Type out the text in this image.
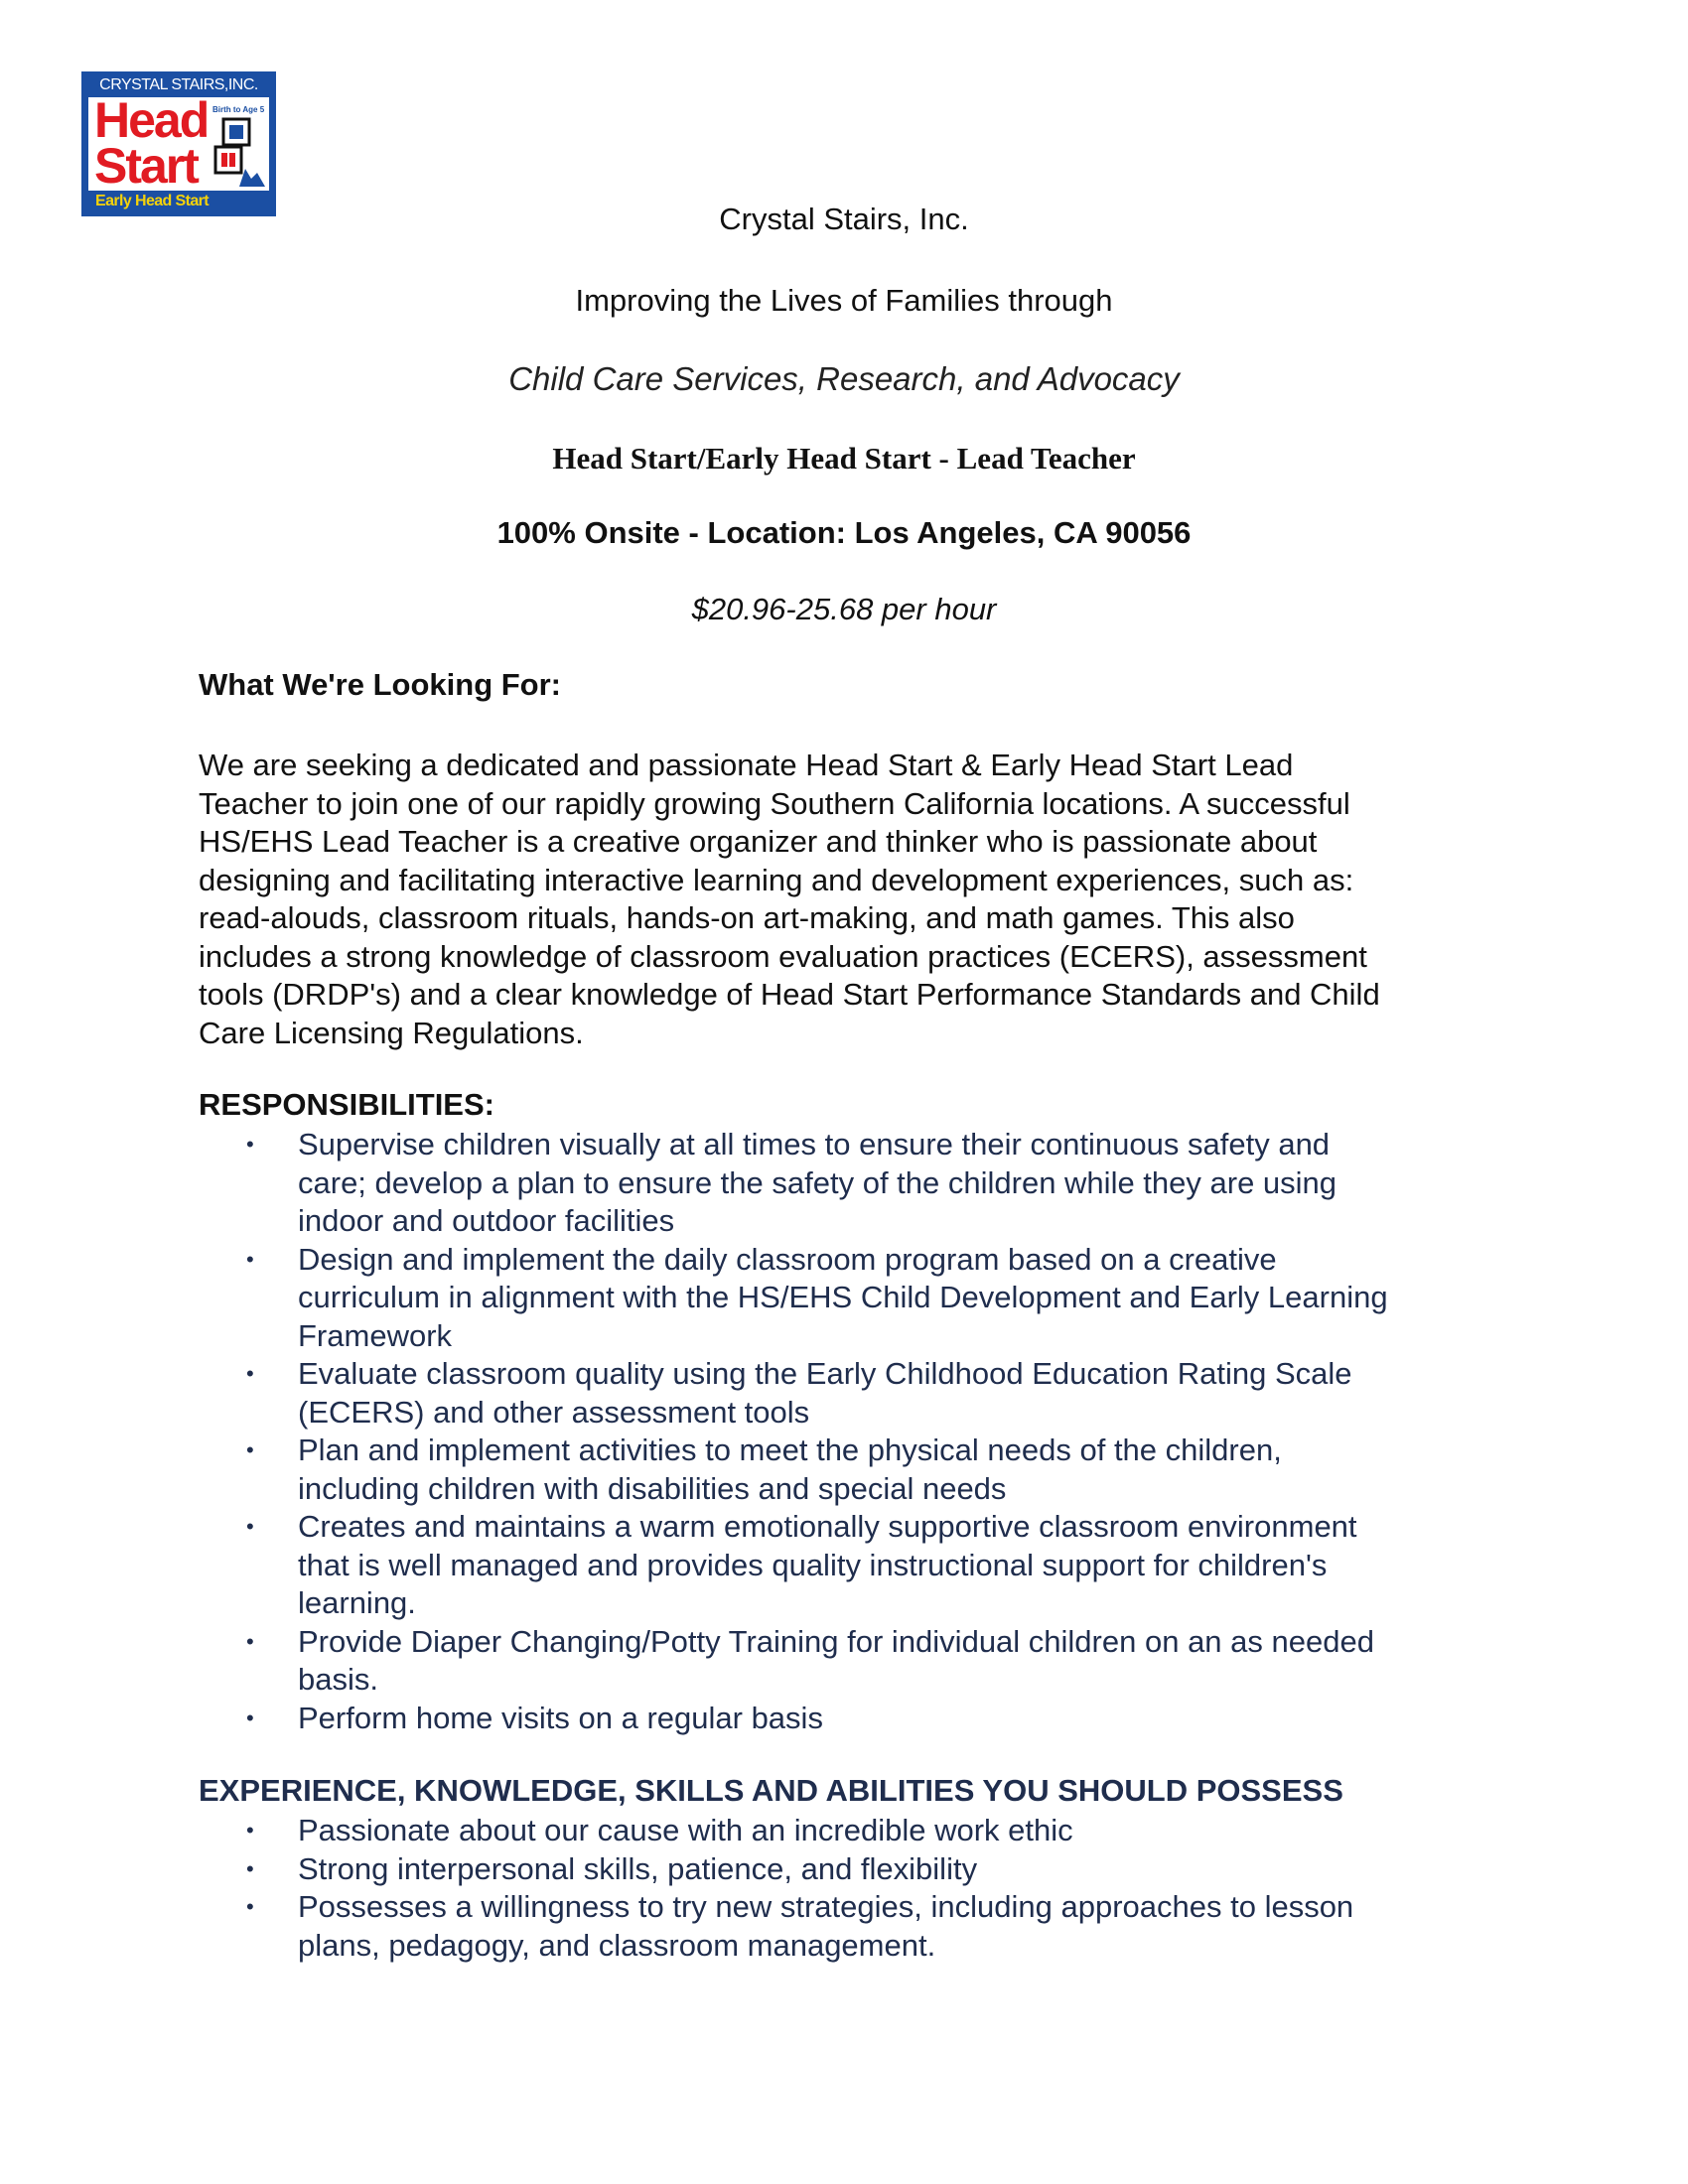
CRYSTAL STAIRS,INC.
Head
Start
Birth to Age 5
Early Head Start
Crystal Stairs, Inc.
Improving the Lives of Families through
Child Care Services, Research, and Advocacy
Head Start/Early Head Start - Lead Teacher
100% Onsite - Location: Los Angeles, CA 90056
$20.96-25.68 per hour
What We're Looking For:
We are seeking a dedicated and passionate Head Start & Early Head Start Lead
Teacher to join one of our rapidly growing Southern California locations. A successful
HS/EHS Lead Teacher is a creative organizer and thinker who is passionate about
designing and facilitating interactive learning and development experiences, such as:
read-alouds, classroom rituals, hands-on art-making, and math games. This also
includes a strong knowledge of classroom evaluation practices (ECERS), assessment
tools (DRDP's) and a clear knowledge of Head Start Performance Standards and Child
Care Licensing Regulations.
RESPONSIBILITIES:
• Supervise children visually at all times to ensure their continuous safety and
care; develop a plan to ensure the safety of the children while they are using
indoor and outdoor facilities
• Design and implement the daily classroom program based on a creative
curriculum in alignment with the HS/EHS Child Development and Early Learning
Framework
• Evaluate classroom quality using the Early Childhood Education Rating Scale
(ECERS) and other assessment tools
• Plan and implement activities to meet the physical needs of the children,
including children with disabilities and special needs
• Creates and maintains a warm emotionally supportive classroom environment
that is well managed and provides quality instructional support for children's
learning.
• Provide Diaper Changing/Potty Training for individual children on an as needed
basis.
• Perform home visits on a regular basis
EXPERIENCE, KNOWLEDGE, SKILLS AND ABILITIES YOU SHOULD POSSESS
• Passionate about our cause with an incredible work ethic
• Strong interpersonal skills, patience, and flexibility
• Possesses a willingness to try new strategies, including approaches to lesson
plans, pedagogy, and classroom management.
